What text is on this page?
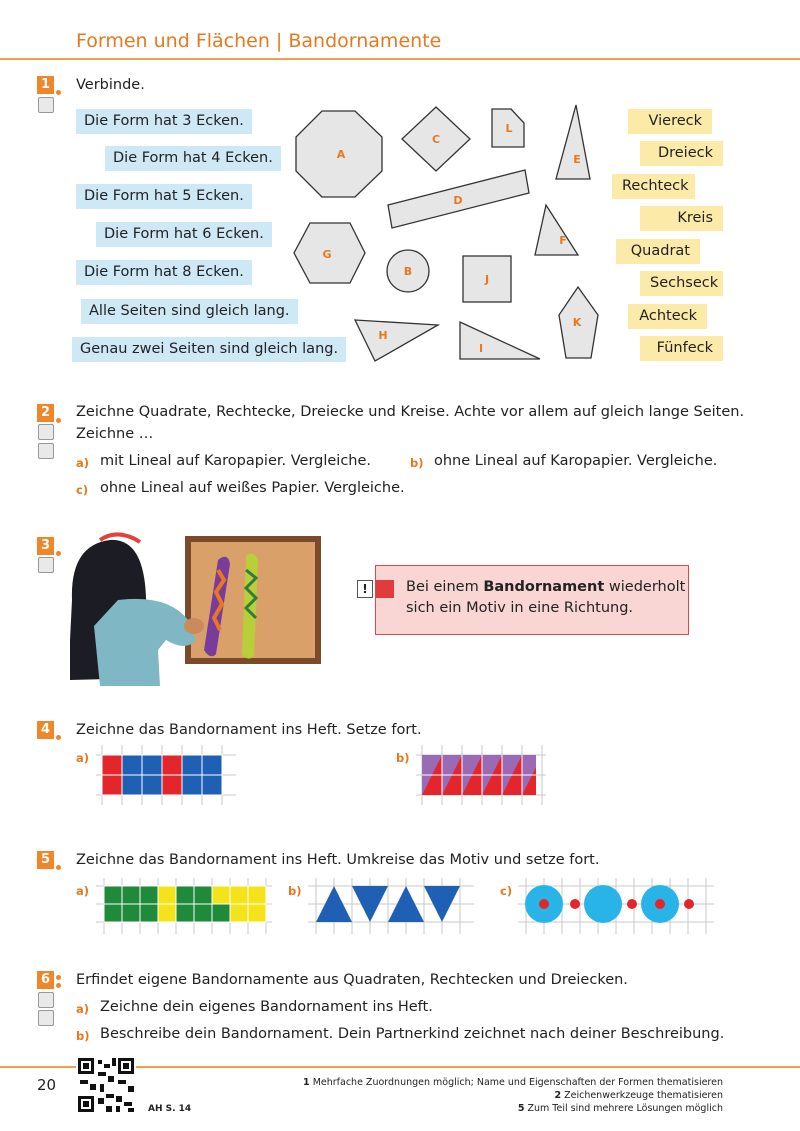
Formen und Flächen | Bandornamente
1 Verbinde.
Die Form hat 3 Ecken.
Die Form hat 4 Ecken.
Die Form hat 5 Ecken.
Die Form hat 6 Ecken.
Die Form hat 8 Ecken.
Alle Seiten sind gleich lang.
Genau zwei Seiten sind gleich lang.
A
C
L
E
D
G
B
J
F
H
I
K
Viereck
Dreieck
Rechteck
Kreis
Quadrat
Sechseck
Achteck
Fünfeck
2 Zeichne Quadrate, Rechtecke, Dreiecke und Kreise. Achte vor allem auf gleich lange Seiten.
Zeichne …
a) mit Lineal auf Karopapier. Vergleiche.	b) ohne Lineal auf Karopapier. Vergleiche.
c) ohne Lineal auf weißes Papier. Vergleiche.
3
!	Bei einem Bandornament wiederholt
sich ein Motiv in eine Richtung.
4 Zeichne das Bandornament ins Heft. Setze fort.
a)	b)
5 Zeichne das Bandornament ins Heft. Umkreise das Motiv und setze fort.
a)	b)	c)
6 Erfindet eigene Bandornamente aus Quadraten, Rechtecken und Dreiecken.
a) Zeichne dein eigenes Bandornament ins Heft.
b) Beschreibe dein Bandornament. Dein Partnerkind zeichnet nach deiner Beschreibung.
20
AH S. 14
1 Mehrfache Zuordnungen möglich; Name und Eigenschaften der Formen thematisieren
2 Zeichenwerkzeuge thematisieren
5 Zum Teil sind mehrere Lösungen möglich
